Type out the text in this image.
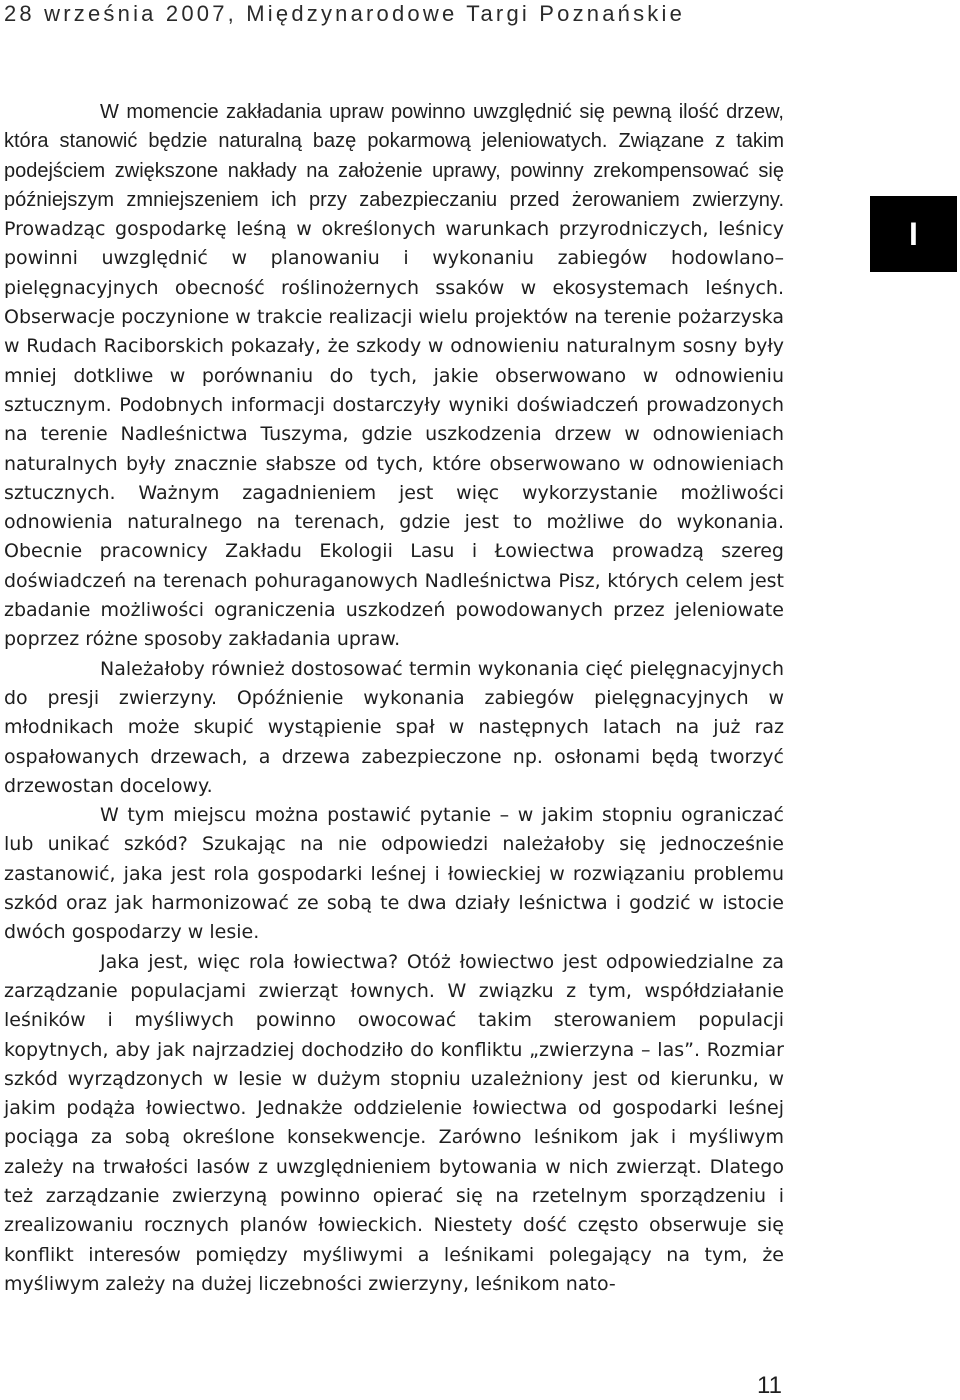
28 września 2007, Międzynarodowe Targi Poznańskie
I

W momencie zakładania upraw powinno uwzględnić się pewną ilość drzew, która stanowić będzie naturalną bazę pokarmową jeleniowatych. Związane z takim podejściem zwiększone nakłady na założenie uprawy, powinny zrekompensować się późniejszym zmniejszeniem ich przy zabezpieczaniu przed żerowaniem zwierzyny. Prowadząc gospodarkę leśną w określonych warunkach przyrodniczych, leśnicy powinni uwzględnić w planowaniu i wykonaniu zabiegów hodowlano–pielęgnacyjnych obecność roślinożernych ssaków w ekosystemach leśnych. Obserwacje poczynione w trakcie realizacji wielu projektów na terenie pożarzyska w Rudach Raciborskich pokazały, że szkody w odnowieniu naturalnym sosny były mniej dotkliwe w porównaniu do tych, jakie obserwowano w odnowieniu sztucznym. Podobnych informacji dostarczyły wyniki doświadczeń prowadzonych na terenie Nadleśnictwa Tuszyma, gdzie uszkodzenia drzew w odnowieniach naturalnych były znacznie słabsze od tych, które obserwowano w odnowieniach sztucznych. Ważnym zagadnieniem jest więc wykorzystanie możliwości odnowienia naturalnego na terenach, gdzie jest to możliwe do wykonania. Obecnie pracownicy Zakładu Ekologii Lasu i Łowiectwa prowadzą szereg doświadczeń na terenach pohuraganowych Nadleśnictwa Pisz, których celem jest zbadanie możliwości ograniczenia uszkodzeń powodowanych przez jeleniowate poprzez różne sposoby zakładania upraw.

Należałoby również dostosować termin wykonania cięć pielęgnacyjnych do presji zwierzyny. Opóźnienie wykonania zabiegów pielęgnacyjnych w młodnikach może skupić wystąpienie spał w następnych latach na już raz ospałowanych drzewach, a drzewa zabezpieczone np. osłonami będą tworzyć drzewostan docelowy.

W tym miejscu można postawić pytanie – w jakim stopniu ograniczać lub unikać szkód? Szukając na nie odpowiedzi należałoby się jednocześnie zastanowić, jaka jest rola gospodarki leśnej i łowieckiej w rozwiązaniu problemu szkód oraz jak harmonizować ze sobą te dwa działy leśnictwa i godzić w istocie dwóch gospodarzy w lesie.

Jaka jest, więc rola łowiectwa? Otóż łowiectwo jest odpowiedzialne za zarządzanie populacjami zwierząt łownych. W związku z tym, współdziałanie leśników i myśliwych powinno owocować takim sterowaniem populacji kopytnych, aby jak najrzadziej dochodziło do konfliktu „zwierzyna – las”. Rozmiar szkód wyrządzonych w lesie w dużym stopniu uzależniony jest od kierunku, w jakim podąża łowiectwo. Jednakże oddzielenie łowiectwa od gospodarki leśnej pociąga za sobą określone konsekwencje. Zarówno leśnikom jak i myśliwym zależy na trwałości lasów z uwzględnieniem bytowania w nich zwierząt. Dlatego też zarządzanie zwierzyną powinno opierać się na rzetelnym sporządzeniu i zrealizowaniu rocznych planów łowieckich. Niestety dość często obserwuje się konflikt interesów pomiędzy myśliwymi a leśnikami polegający na tym, że myśliwym zależy na dużej liczebności zwierzyny, leśnikom nato-

11
